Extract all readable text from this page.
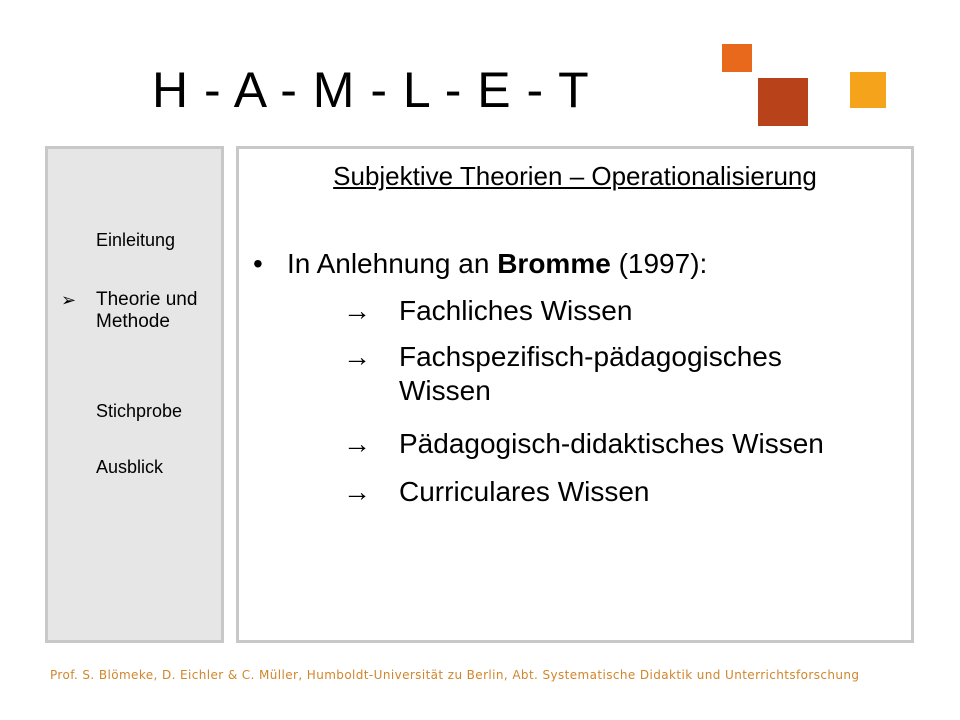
H - A - M - L - E - T
Einleitung
➢ Theorie und Methode
Stichprobe
Ausblick
Subjektive Theorien – Operationalisierung
• In Anlehnung an Bromme (1997):
→	Fachliches Wissen
→	Fachspezifisch-pädagogisches Wissen
→	Pädagogisch-didaktisches Wissen
→	Curriculares Wissen
Prof. S. Blömeke, D. Eichler & C. Müller, Humboldt-Universität zu Berlin, Abt. Systematische Didaktik und Unterrichtsforschung
